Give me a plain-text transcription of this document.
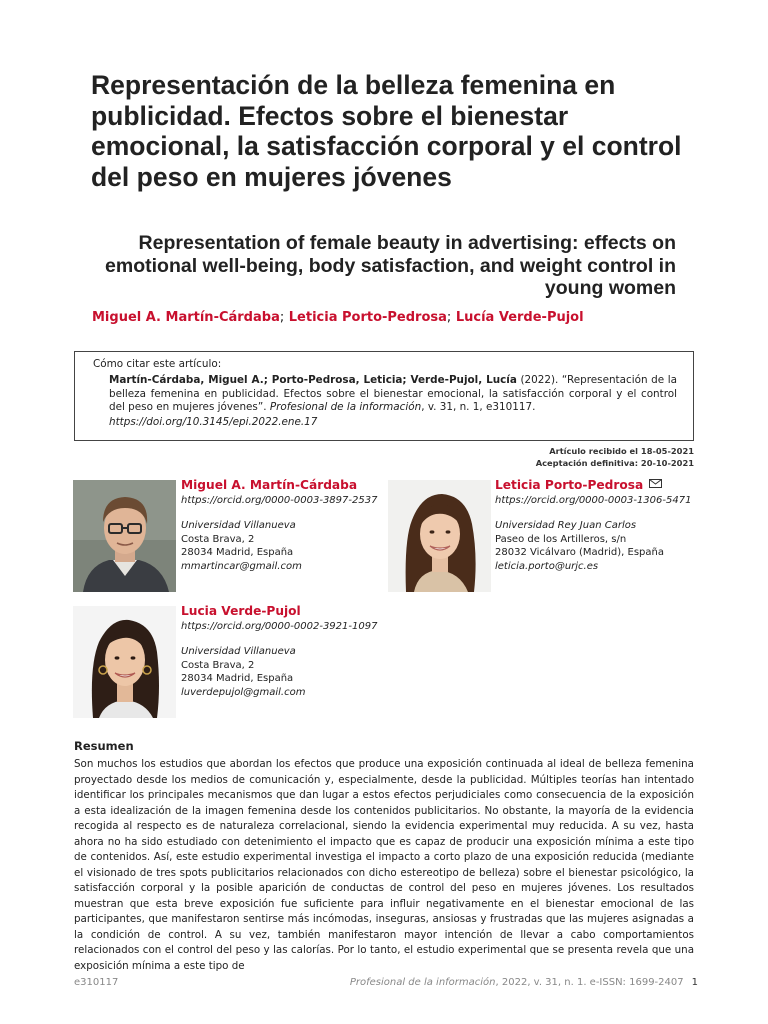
Representación de la belleza femenina en publicidad. Efectos sobre el bienestar emocional, la satisfacción corporal y el control del peso en mujeres jóvenes
Representation of female beauty in advertising: effects on emotional well-being, body satisfaction, and weight control in young women
Miguel A. Martín-Cárdaba; Leticia Porto-Pedrosa; Lucía Verde-Pujol
Cómo citar este artículo:
Martín-Cárdaba, Miguel A.; Porto-Pedrosa, Leticia; Verde-Pujol, Lucía (2022). “Representación de la belleza femenina en publicidad. Efectos sobre el bienestar emocional, la satisfacción corporal y el control del peso en mujeres jóvenes”. Profesional de la información, v. 31, n. 1, e310117.
https://doi.org/10.3145/epi.2022.ene.17
Artículo recibido el 18-05-2021
Aceptación definitiva: 20-10-2021
Miguel A. Martín-Cárdaba
https://orcid.org/0000-0003-3897-2537
Universidad Villanueva
Costa Brava, 2
28034 Madrid, España
mmartincar@gmail.com
Leticia Porto-Pedrosa
https://orcid.org/0000-0003-1306-5471
Universidad Rey Juan Carlos
Paseo de los Artilleros, s/n
28032 Vicálvaro (Madrid), España
leticia.porto@urjc.es
Lucia Verde-Pujol
https://orcid.org/0000-0002-3921-1097
Universidad Villanueva
Costa Brava, 2
28034 Madrid, España
luverdepujol@gmail.com
Resumen

Son muchos los estudios que abordan los efectos que produce una exposición continuada al ideal de belleza femenina proyectado desde los medios de comunicación y, especialmente, desde la publicidad. Múltiples teorías han intentado identificar los principales mecanismos que dan lugar a estos efectos perjudiciales como consecuencia de la exposición a esta idealización de la imagen femenina desde los contenidos publicitarios. No obstante, la mayoría de la evidencia recogida al respecto es de naturaleza correlacional, siendo la evidencia experimental muy reducida. A su vez, hasta ahora no ha sido estudiado con detenimiento el impacto que es capaz de producir una exposición mínima a este tipo de contenidos. Así, este estudio experimental investiga el impacto a corto plazo de una exposición reducida (mediante el visionado de tres spots publicitarios relacionados con dicho estereotipo de belleza) sobre el bienestar psicológico, la satisfacción corporal y la posible aparición de conductas de control del peso en mujeres jóvenes. Los resultados muestran que esta breve exposición fue suficiente para influir negativamente en el bienestar emocional de las participantes, que manifestaron sentirse más incómodas, inseguras, ansiosas y frustradas que las mujeres asignadas a la condición de control. A su vez, también manifestaron mayor intención de llevar a cabo comportamientos relacionados con el control del peso y las calorías. Por lo tanto, el estudio experimental que se presenta revela que una exposición mínima a este tipo de

e310117	Profesional de la información, 2022, v. 31, n. 1. e-ISSN: 1699-2407 1
